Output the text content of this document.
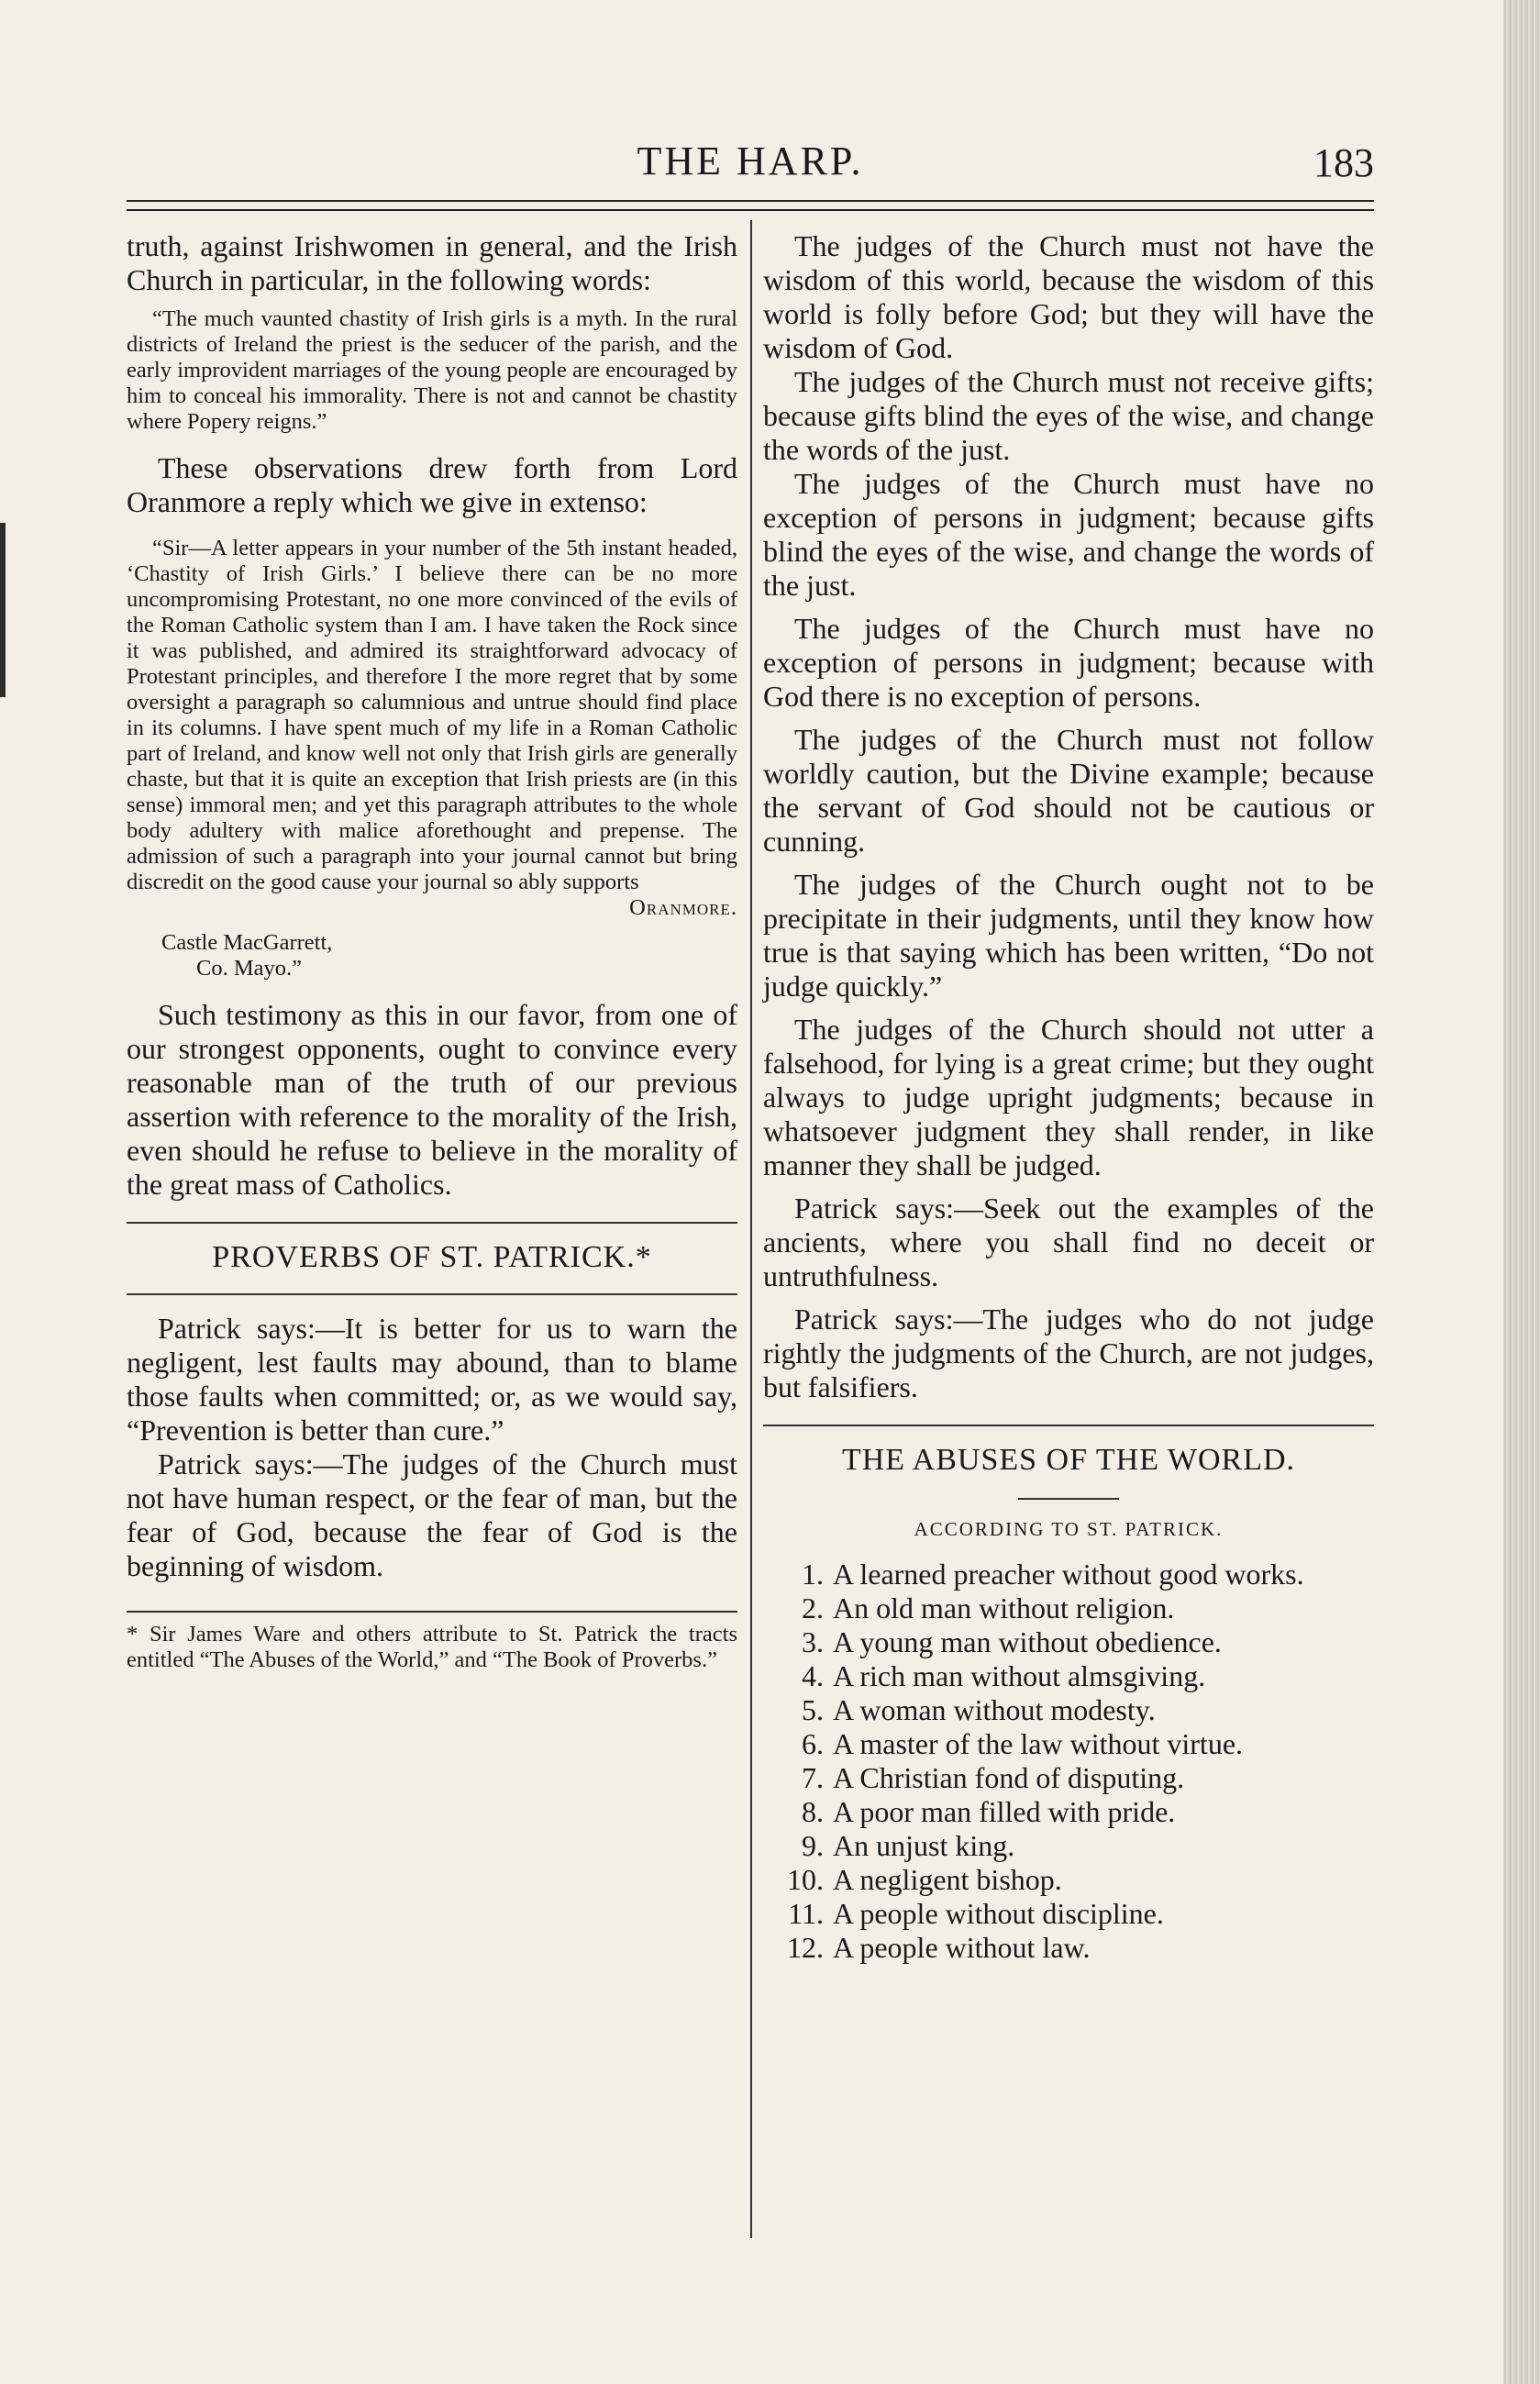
THE HARP.	183

truth, against Irishwomen in general, and the Irish Church in particular, in the following words:

“The much vaunted chastity of Irish girls is a myth. In the rural districts of Ireland the priest is the seducer of the parish, and the early improvident marriages of the young people are encouraged by him to conceal his immorality. There is not and cannot be chastity where Popery reigns.”

These observations drew forth from Lord Oranmore a reply which we give in extenso:

“Sir—A letter appears in your number of the 5th instant headed, ‘Chastity of Irish Girls.’ I believe there can be no more uncompromising Protestant, no one more convinced of the evils of the Roman Catholic system than I am. I have taken the Rock since it was published, and admired its straightforward advocacy of Protestant principles, and therefore I the more regret that by some oversight a paragraph so calumnious and untrue should find place in its columns. I have spent much of my life in a Roman Catholic part of Ireland, and know well not only that Irish girls are generally chaste, but that it is quite an exception that Irish priests are (in this sense) immoral men; and yet this paragraph attributes to the whole body adultery with malice aforethought and prepense. The admission of such a paragraph into your journal cannot but bring discredit on the good cause your journal so ably supports

Oranmore.
Castle MacGarrett,
Co. Mayo.”

Such testimony as this in our favor, from one of our strongest opponents, ought to convince every reasonable man of the truth of our previous assertion with reference to the morality of the Irish, even should he refuse to believe in the morality of the great mass of Catholics.

PROVERBS OF ST. PATRICK.*

Patrick says:—It is better for us to warn the negligent, lest faults may abound, than to blame those faults when committed; or, as we would say, “Prevention is better than cure.”

Patrick says:—The judges of the Church must not have human respect, or the fear of man, but the fear of God, because the fear of God is the beginning of wisdom.

* Sir James Ware and others attribute to St. Patrick the tracts entitled “The Abuses of the World,” and “The Book of Proverbs.”

The judges of the Church must not have the wisdom of this world, because the wisdom of this world is folly before God; but they will have the wisdom of God.

The judges of the Church must not receive gifts; because gifts blind the eyes of the wise, and change the words of the just.

The judges of the Church must have no exception of persons in judgment; because gifts blind the eyes of the wise, and change the words of the just.

The judges of the Church must have no exception of persons in judgment; because with God there is no exception of persons.

The judges of the Church must not follow worldly caution, but the Divine example; because the servant of God should not be cautious or cunning.

The judges of the Church ought not to be precipitate in their judgments, until they know how true is that saying which has been written, “Do not judge quickly.”

The judges of the Church should not utter a falsehood, for lying is a great crime; but they ought always to judge upright judgments; because in whatsoever judgment they shall render, in like manner they shall be judged.

Patrick says:—Seek out the examples of the ancients, where you shall find no deceit or untruthfulness.

Patrick says:—The judges who do not judge rightly the judgments of the Church, are not judges, but falsifiers.

THE ABUSES OF THE WORLD.
ACCORDING TO ST. PATRICK.
1. A learned preacher without good works.
2. An old man without religion.
3. A young man without obedience.
4. A rich man without almsgiving.
5. A woman without modesty.
6. A master of the law without virtue.
7. A Christian fond of disputing.
8. A poor man filled with pride.
9. An unjust king.
10. A negligent bishop.
11. A people without discipline.
12. A people without law.
